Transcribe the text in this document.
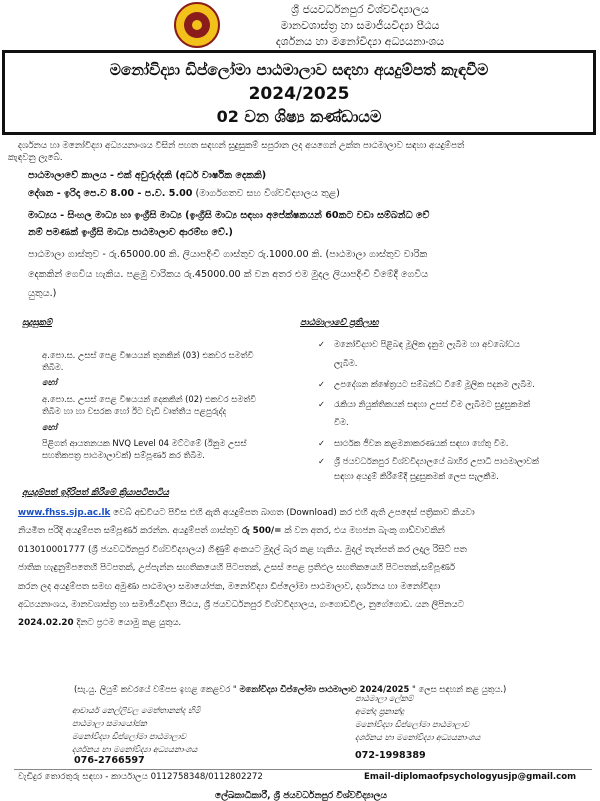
ශ්‍රී ජයවර්ධනපුර විශ්වවිද්‍යාලය
මානවශාස්ත්‍ර හා සමාජීයවිද්‍යා පීඨය
දර්ශනය හා මනෝවිද්‍යා අධ්‍යයනාංශය
මනෝවිද්‍යා ඩිප්ලෝමා පාඨමාලාව සඳහා අයදුම්පත් කැඳවීම
2024/2025
02 වන ශිෂ්‍ය කණ්ඩායම
දර්ශනය හා මනෝවිද්‍යා අධ්‍යයනාංශය විසින් පහත සඳහන් සුදුසුකම් සපුරාන ලද අයගෙන් උක්ත පාඨමාලාව සඳහා අයදුම්පත්
කැඳවනු ලැබේ.
පාඨමාලාවේ කාලය - එක් අවුරුද්දකි (අර්ධ වාර්ෂික දෙකකි)
දේශන - ඉරිදා පෙ.ව 8.00 - ප.ව. 5.00 (මාර්ගගතව සහ විශ්වවිද්‍යාලය තුළ)
මාධ්‍යය - සිංහල මාධ්‍ය හා ඉංග්‍රීසි මාධ්‍ය (ඉංග්‍රීසි මාධ්‍ය සඳහා අපේක්ෂකයන් 60කට වඩා සම්බන්ධ වේ
නම් පමණක් ඉංග්‍රීසි මාධ්‍ය පාඨමාලාව ආරම්භ වේ.)
පාඨමාලා ගාස්තුව - රු.65000.00 කි. ලියාපදිංචි ගාස්තුව රු.1000.00 කි. (පාඨමාලා ගාස්තුව වාරික
දෙකකින් ගෙවිය හැකිය. පළමු වාරිකය රු.45000.00 ක් වන අතර එම මුදල ලියාපදිංචි වීමේදී ගෙවිය
යුතුය.)
සුදුසුකම්
අ.පො.ස. උසස් පෙළ විෂයයන් තුනකින් (03) එකවර සමත්වී
තිබීම.
හෝ
අ.පො.ස. උසස් පෙළ විෂයයන් දෙකකින් (02) එකවර සමත්වී
තිබීම හා හා වසරක හෝ ඊට වැඩි වෘත්තීය පළපුරුද්ද
හෝ
පිළිගත් ආයතනයක NVQ Level 04 මට්ටමේ (ඊනුම උසස්
සහතිකපත්‍ර පාඨමාලාවක්) සම්පූර්ණ කර තිබීම.
පාඨමාලාවේ ප්‍රතිලාභ
✓ මනෝවිද්‍යාව පිළිබඳ මූලික දැනුම ලැබීම හා අවබෝධය
ලැබීම.
✓ උපදේශන ක්ෂේත්‍රයට සම්බන්ධ වීමේ මූලික පදනම ලැබීම.
✓ රැකියා නියුක්තිකයන් සඳහා උසස් වීම ලැබීමට සුදුසුකමක්
වීම.
✓ සාර්ථක ජීවන කළමනාකරණයක් සඳහා හේතු වීම.
✓ ශ්‍රී ජයවර්ධනපුර විශ්වවිද්‍යාලයේ බාහිර උපාධි පාඨමාලාවක්
සඳහා අයදුම් කිරීමේදී සුදුසුකමක් ලෙස සැලකීම.
අයදුම්පත් ඉදිරිපත් කිරීමේ ක්‍රියාපටිපාටිය
www.fhss.sjp.ac.lk වෙබ් අඩවියට පිවිස එහි ඇති අයදුම්පත බාගත (Download) කර එහි ඇති උපදෙස් පත්‍රිකාව කියවා
නියමිත පරිදි අයදුම්පත සම්පූර්ණ කරන්න. අයදුම්පත් ගාස්තුව රු 500/= ක් වන අතර, එය මහජන බැංකු ගාඩ්වාවකින්
013010001777 (ශ්‍රී ජයවර්ධනපුර විශ්වවිද්‍යාලය) ගිණුම් අංකයට මුදල් බැර කළ හැකිය. මුදල් තැන්පත් කර ලදාල රිසිට් පත
ජාතික හැඳුනුම්පතෙහි පිටපතක්, උප්පැන්න සහතිකයෙහි පිටපතක්, උසස් පෙළ ප්‍රතිඵල සහතිකයෙහි පිටපතක්,සම්පූර්ණ
කරන ලද අයදුම්පත සමඟ අමුණා පාඨමාලා සමායෝජක, මනෝවිද්‍යා ඩිප්ලෝමා පාඨමාලාව, දර්ශනය හා මනෝවිද්‍යා
අධ්‍යයනාංශය, මානවශාස්ත්‍ර හා සමාජීයවිද්‍යා පීඨය, ශ්‍රී ජයවර්ධනපුර විශ්වවිද්‍යාලය, ගංගොඩවිල, නුගේගොඩ. යන ලිපිනයට
2024.02.20 දිනට ප්‍රථම යොමු කළ යුතුය.
(සැ.යු. ලියුම් කවරයේ වම්පස ඉහළ කෙළවර " මනෝවිද්‍යා ඩිප්ලෝමා පාඨමාලාව 2024/2025 " ලෙස සඳහන් කළ යුතුය.)
ආචාර්ය නෙල්ලිවල මෙත්තානන්ද හිමි
පාඨමාලා සමායෝජක
මනෝවිද්‍යා ඩිප්ලෝමා පාඨමාලාව
දර්ශනය හා මනෝවිද්‍යා අධ්‍යයනාංශය
076-2766597
පාඨමාලා ලේකම්
අමන්දා ප්‍රනාන්දු
මනෝවිද්‍යා ඩිප්ලෝමා පාඨමාලාව
දර්ශනය හා මනෝවිද්‍යා අධ්‍යයනාංශය
072-1998389
වැඩිදුර තොරතුරු සඳහා - කාර්යාලය 0112758348/0112802272	Email-diplomaofpsychologyusjp@gmail.com
ලේඛකාධිකාරී, ශ්‍රී ජයවර්ධනපුර විශ්වවිද්‍යාලය
